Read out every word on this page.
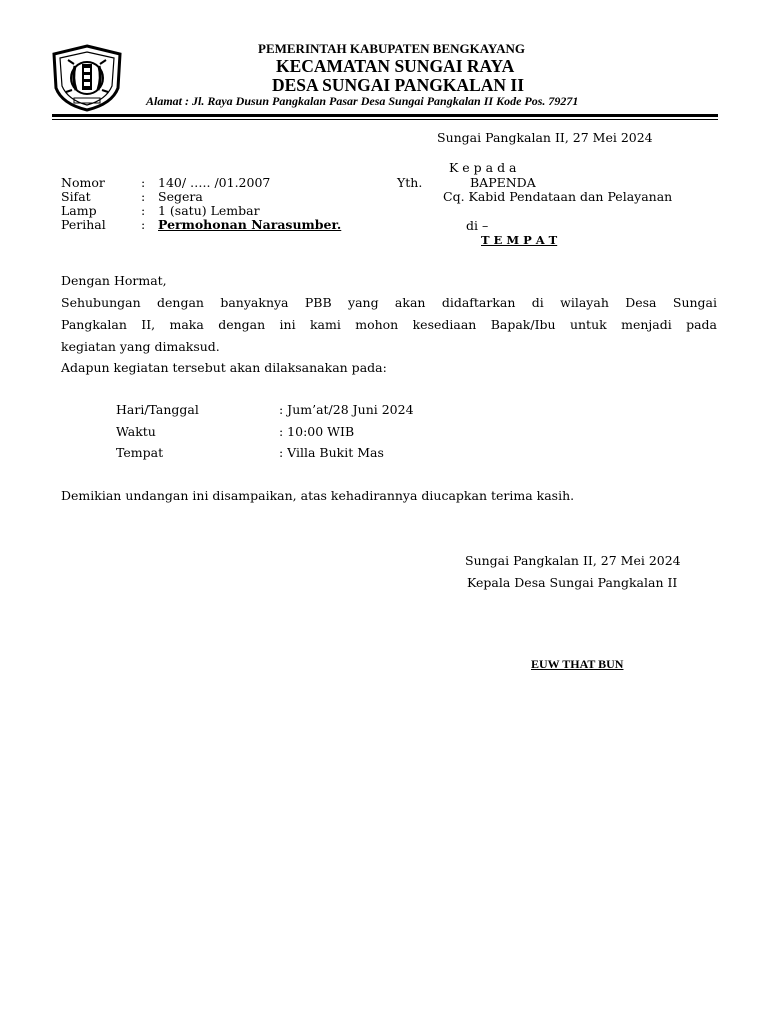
PEMERINTAH KABUPATEN BENGKAYANG
KECAMATAN SUNGAI RAYA
DESA SUNGAI PANGKALAN II
Alamat : Jl. Raya Dusun Pangkalan Pasar Desa Sungai Pangkalan II Kode Pos. 79271
Sungai Pangkalan II, 27 Mei 2024
K e p a d a
Yth.	BAPENDA
Cq. Kabid Pendataan dan Pelayanan
di –
T E M P A T
Nomor	: 140/ ….. /01.2007
Sifat	: Segera
Lamp	: 1 (satu) Lembar
Perihal	: Permohonan Narasumber.
Dengan Hormat,
Sehubungan dengan banyaknya PBB yang akan didaftarkan di wilayah Desa Sungai
Pangkalan II, maka dengan ini kami mohon kesediaan Bapak/Ibu untuk menjadi pada
kegiatan yang dimaksud.
Adapun kegiatan tersebut akan dilaksanakan pada:
Hari/Tanggal	: Jum’at/28 Juni 2024
Waktu	: 10:00 WIB
Tempat	: Villa Bukit Mas
Demikian undangan ini disampaikan, atas kehadirannya diucapkan terima kasih.
Sungai Pangkalan II, 27 Mei 2024
Kepala Desa Sungai Pangkalan II
EUW THAT BUN
